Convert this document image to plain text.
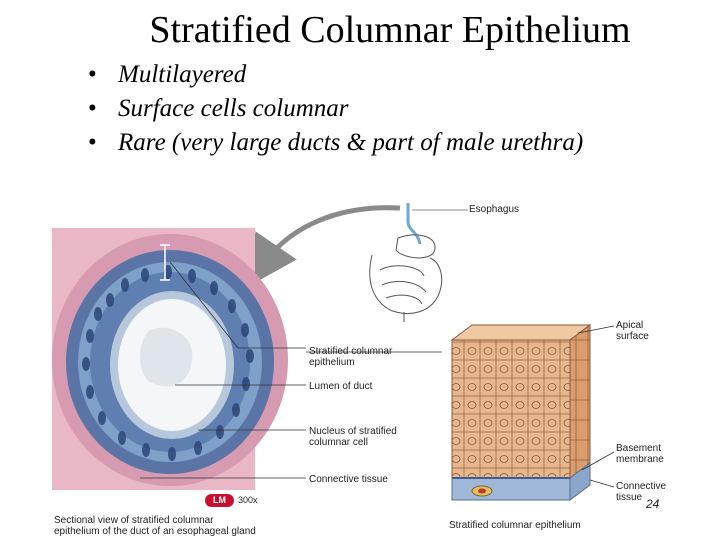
Stratified Columnar Epithelium
• Multilayered
• Surface cells columnar
• Rare (very large ducts & part of male urethra)
Esophagus
Stratified columnar
epithelium
Lumen of duct
Nucleus of stratified
columnar cell
Connective tissue
LM	300x
Sectional view of stratified columnar
epithelium of the duct of an esophageal gland
Apical
surface
Basement
membrane
Connective
tissue
Stratified columnar epithelium
24
